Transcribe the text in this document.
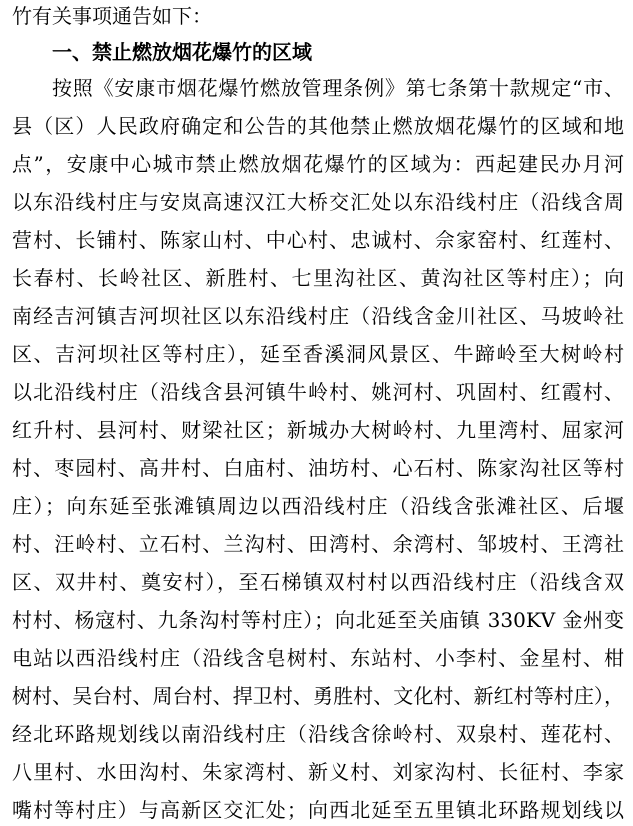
竹有关事项通告如下：
一、禁止燃放烟花爆竹的区域
按照《安康市烟花爆竹燃放管理条例》第七条第十款规定“市、
县（区）人民政府确定和公告的其他禁止燃放烟花爆竹的区域和地
点”，安康中心城市禁止燃放烟花爆竹的区域为：西起建民办月河
以东沿线村庄与安岚高速汉江大桥交汇处以东沿线村庄（沿线含周
营村、长铺村、陈家山村、中心村、忠诚村、佘家窑村、红莲村、
长春村、长岭社区、新胜村、七里沟社区、黄沟社区等村庄）；向
南经吉河镇吉河坝社区以东沿线村庄（沿线含金川社区、马坡岭社
区、吉河坝社区等村庄），延至香溪洞风景区、牛蹄岭至大树岭村
以北沿线村庄（沿线含县河镇牛岭村、姚河村、巩固村、红霞村、
红升村、县河村、财梁社区；新城办大树岭村、九里湾村、屈家河
村、枣园村、高井村、白庙村、油坊村、心石村、陈家沟社区等村
庄）；向东延至张滩镇周边以西沿线村庄（沿线含张滩社区、后堰
村、汪岭村、立石村、兰沟村、田湾村、余湾村、邹坡村、王湾社
区、双井村、奠安村），至石梯镇双村村以西沿线村庄（沿线含双
村村、杨寇村、九条沟村等村庄）；向北延至关庙镇 330KV 金州变
电站以西沿线村庄（沿线含皂树村、东站村、小李村、金星村、柑
树村、吴台村、周台村、捍卫村、勇胜村、文化村、新红村等村庄），
经北环路规划线以南沿线村庄（沿线含徐岭村、双泉村、莲花村、
八里村、水田沟村、朱家湾村、新义村、刘家沟村、长征村、李家
嘴村等村庄）与高新区交汇处；向西北延至五里镇北环路规划线以
